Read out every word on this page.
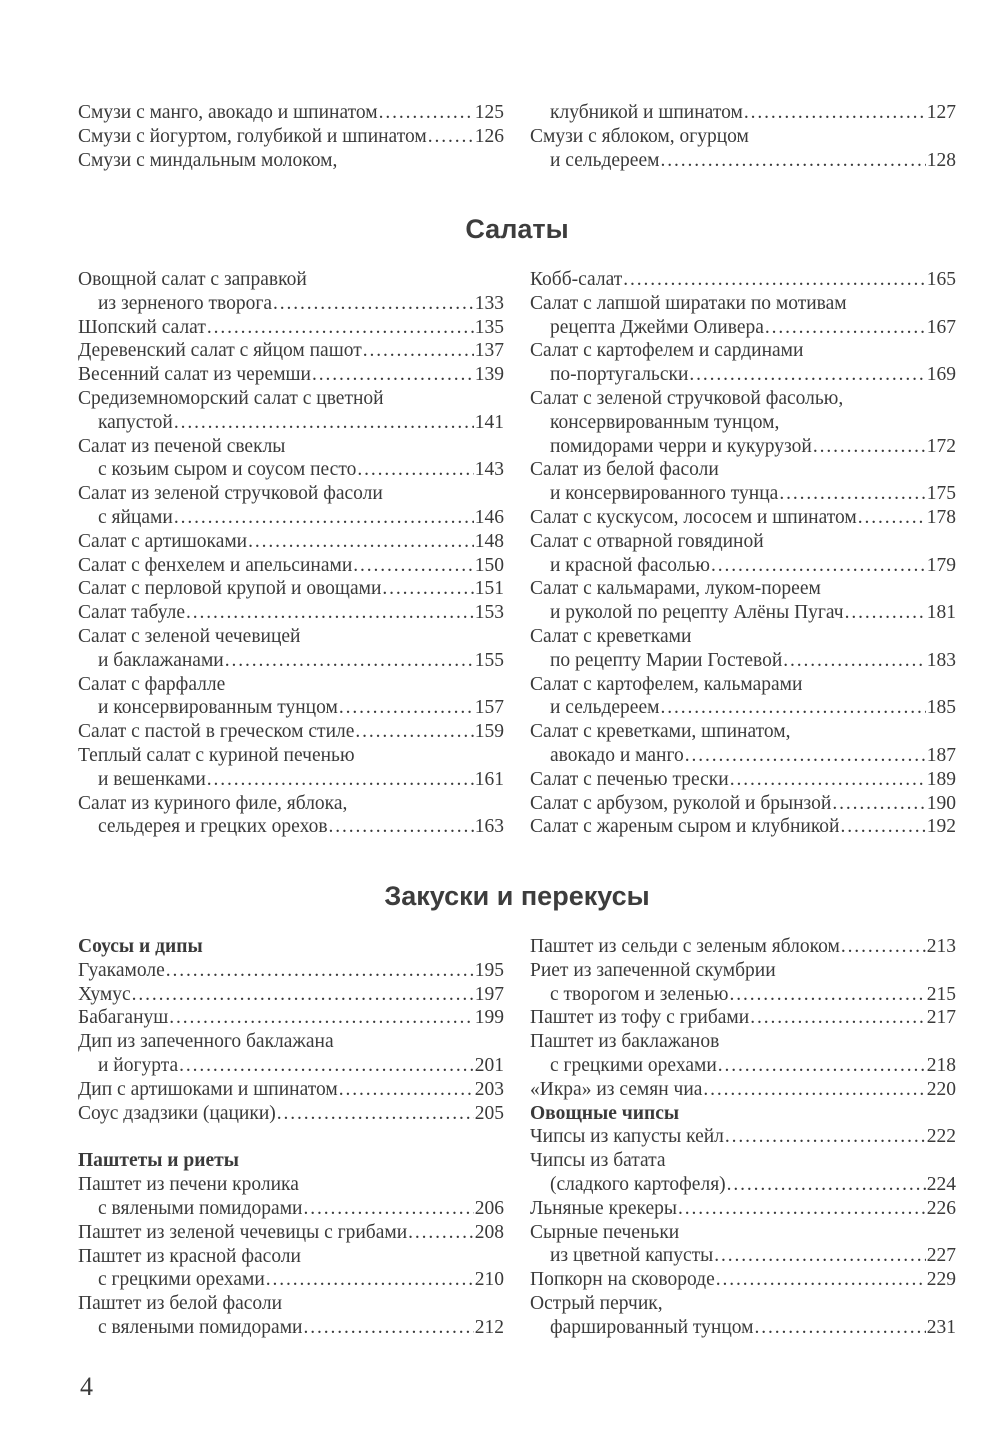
Смузи с манго, авокадо и шпинатом . . .	125
Смузи с йогуртом, голубикой и шпинатом . . . 126
Смузи с миндальным молоком,
клубникой и шпинатом . . .	127
Смузи с яблоком, огурцом
и сельдереем . . .	128
Салаты
Овощной салат с заправкой
из зерненого творога . . .	133
Шопский салат . . .	135
Деревенский салат с яйцом пашот . . .	137
Весенний салат из черемши . . .	139
Средиземноморский салат с цветной
капустой . . .	141
Салат из печеной свеклы
с козьим сыром и соусом песто . . .	143
Салат из зеленой стручковой фасоли
с яйцами . . .	146
Салат с артишоками . . .	148
Салат с фенхелем и апельсинами . . .	150
Салат с перловой крупой и овощами . . .	151
Салат табуле . . .	153
Салат с зеленой чечевицей
и баклажанами . . .	155
Салат с фарфалле
и консервированным тунцом . . .	157
Салат с пастой в греческом стиле . . .	159
Теплый салат с куриной печенью
и вешенками . . .	161
Салат из куриного филе, яблока,
сельдерея и грецких орехов . . .	163
Кобб-салат . . .	165
Салат с лапшой ширатаки по мотивам
рецепта Джейми Оливера . . .	167
Салат с картофелем и сардинами
по-португальски . . .	169
Салат с зеленой стручковой фасолью,
консервированным тунцом,
помидорами черри и кукурузой . . .	172
Салат из белой фасоли
и консервированного тунца . . .	175
Салат с кускусом, лососем и шпинатом . . .	178
Салат с отварной говядиной
и красной фасолью . . .	179
Салат с кальмарами, луком-пореем
и руколой по рецепту Алёны Пугач . . .	181
Салат с креветками
по рецепту Марии Гостевой . . .	183
Салат с картофелем, кальмарами
и сельдереем . . .	185
Салат с креветками, шпинатом,
авокадо и манго . . .	187
Салат с печенью трески . . .	189
Салат с арбузом, руколой и брынзой . . .	190
Салат с жареным сыром и клубникой . . .	192
Закуски и перекусы
Соусы и дипы
Гуакамоле . . .	195
Хумус . . .	197
Бабагануш . . .	199
Дип из запеченного баклажана
и йогурта . . .	201
Дип с артишоками и шпинатом . . .	203
Соус дзадзики (цацики) . . .	205
Паштеты и риеты
Паштет из печени кролика
с вялеными помидорами . . .	206
Паштет из зеленой чечевицы с грибами . . .	208
Паштет из красной фасоли
с грецкими орехами . . .	210
Паштет из белой фасоли
с вялеными помидорами . . .	212
Паштет из сельди с зеленым яблоком . . .	213
Риет из запеченной скумбрии
с творогом и зеленью . . .	215
Паштет из тофу с грибами . . .	217
Паштет из баклажанов
с грецкими орехами . . .	218
«Икра» из семян чиа . . .	220
Овощные чипсы
Чипсы из капусты кейл . . .	222
Чипсы из батата
(сладкого картофеля) . . .	224
Льняные крекеры . . .	226
Сырные печеньки
из цветной капусты . . .	227
Попкорн на сковороде . . .	229
Острый перчик,
фаршированный тунцом . . .	231
4
